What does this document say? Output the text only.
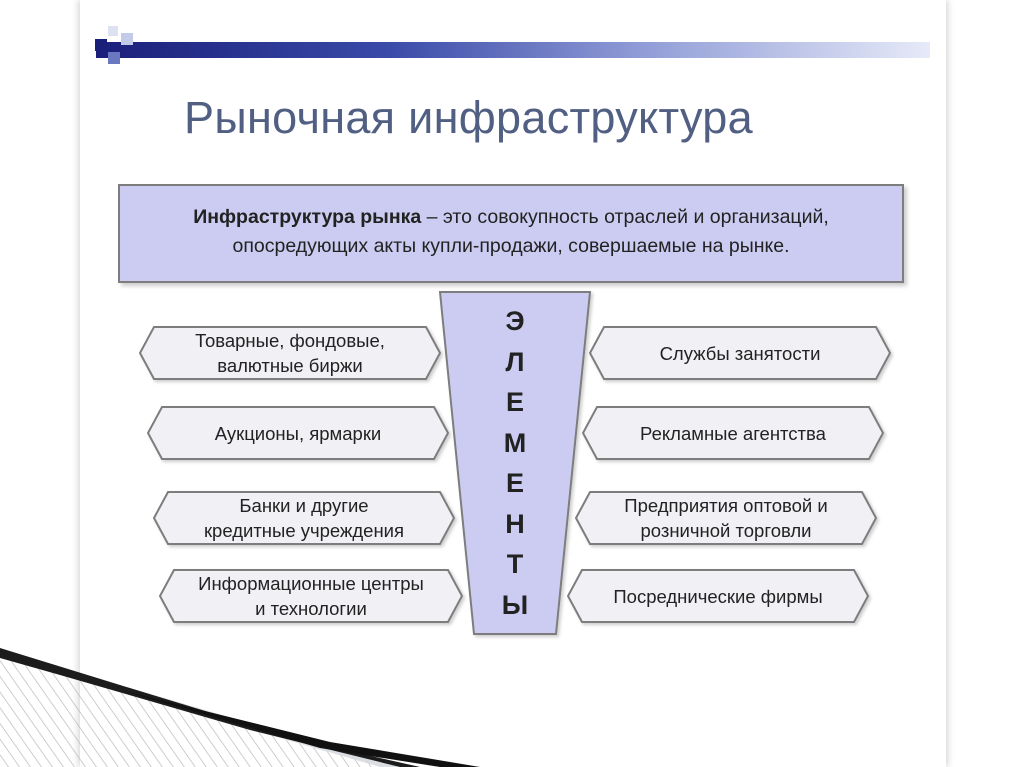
Рыночная инфраструктура
Инфраструктура рынка – это совокупность отраслей и организаций,
опосредующих акты купли-продажи, совершаемые на рынке.
Э
Л
Е
М
Е
Н
Т
Ы
Товарные, фондовые,
валютные биржи
Аукционы, ярмарки
Банки и другие
кредитные учреждения
Информационные центры
и технологии
Службы занятости
Рекламные агентства
Предприятия оптовой и
розничной торговли
Посреднические фирмы
